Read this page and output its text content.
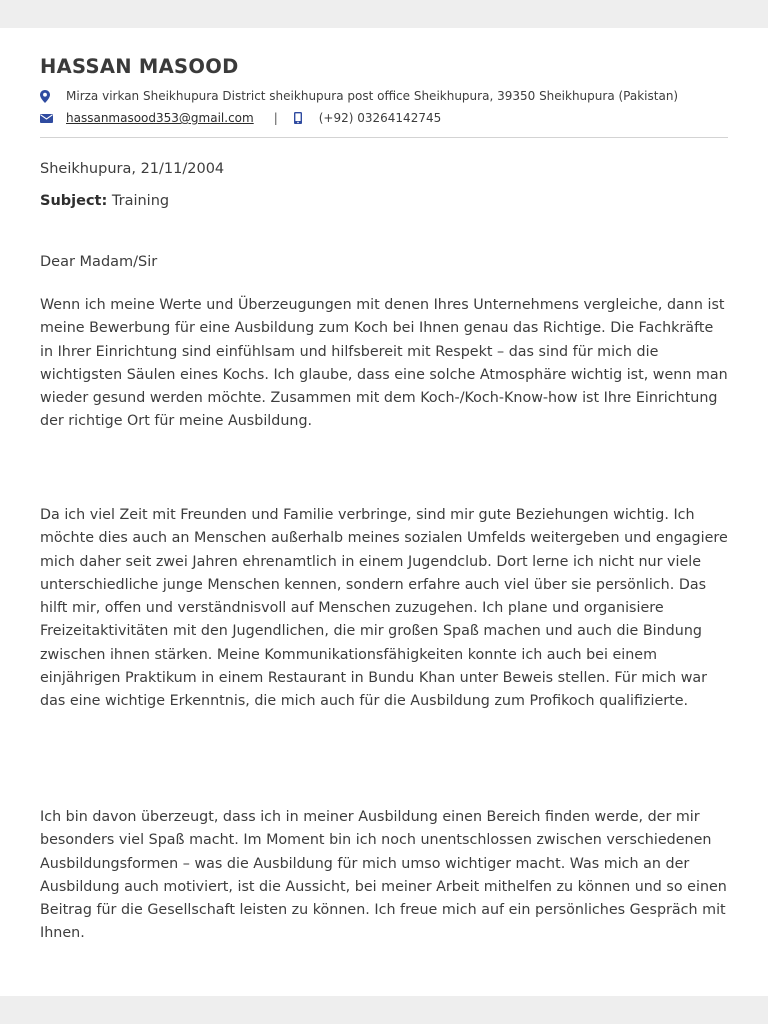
HASSAN MASOOD
Mirza virkan Sheikhupura District sheikhupura post office Sheikhupura, 39350 Sheikhupura (Pakistan)
hassanmasood353@gmail.com |	(+92) 03264142745
Sheikhupura, 21/11/2004
Subject: Training
Dear Madam/Sir

Wenn ich meine Werte und Überzeugungen mit denen Ihres Unternehmens vergleiche, dann ist meine Bewerbung für eine Ausbildung zum Koch bei Ihnen genau das Richtige. Die Fachkräfte in Ihrer Einrichtung sind einfühlsam und hilfsbereit mit Respekt – das sind für mich die wichtigsten Säulen eines Kochs. Ich glaube, dass eine solche Atmosphäre wichtig ist, wenn man wieder gesund werden möchte. Zusammen mit dem Koch-/Koch-Know-how ist Ihre Einrichtung der richtige Ort für meine Ausbildung.

Da ich viel Zeit mit Freunden und Familie verbringe, sind mir gute Beziehungen wichtig. Ich möchte dies auch an Menschen außerhalb meines sozialen Umfelds weitergeben und engagiere mich daher seit zwei Jahren ehrenamtlich in einem Jugendclub. Dort lerne ich nicht nur viele unterschiedliche junge Menschen kennen, sondern erfahre auch viel über sie persönlich. Das hilft mir, offen und verständnisvoll auf Menschen zuzugehen. Ich plane und organisiere Freizeitaktivitäten mit den Jugendlichen, die mir großen Spaß machen und auch die Bindung zwischen ihnen stärken. Meine Kommunikationsfähigkeiten konnte ich auch bei einem einjährigen Praktikum in einem Restaurant in Bundu Khan unter Beweis stellen. Für mich war das eine wichtige Erkenntnis, die mich auch für die Ausbildung zum Profikoch qualifizierte.

Ich bin davon überzeugt, dass ich in meiner Ausbildung einen Bereich finden werde, der mir besonders viel Spaß macht. Im Moment bin ich noch unentschlossen zwischen verschiedenen Ausbildungsformen – was die Ausbildung für mich umso wichtiger macht. Was mich an der Ausbildung auch motiviert, ist die Aussicht, bei meiner Arbeit mithelfen zu können und so einen Beitrag für die Gesellschaft leisten zu können. Ich freue mich auf ein persönliches Gespräch mit Ihnen.
